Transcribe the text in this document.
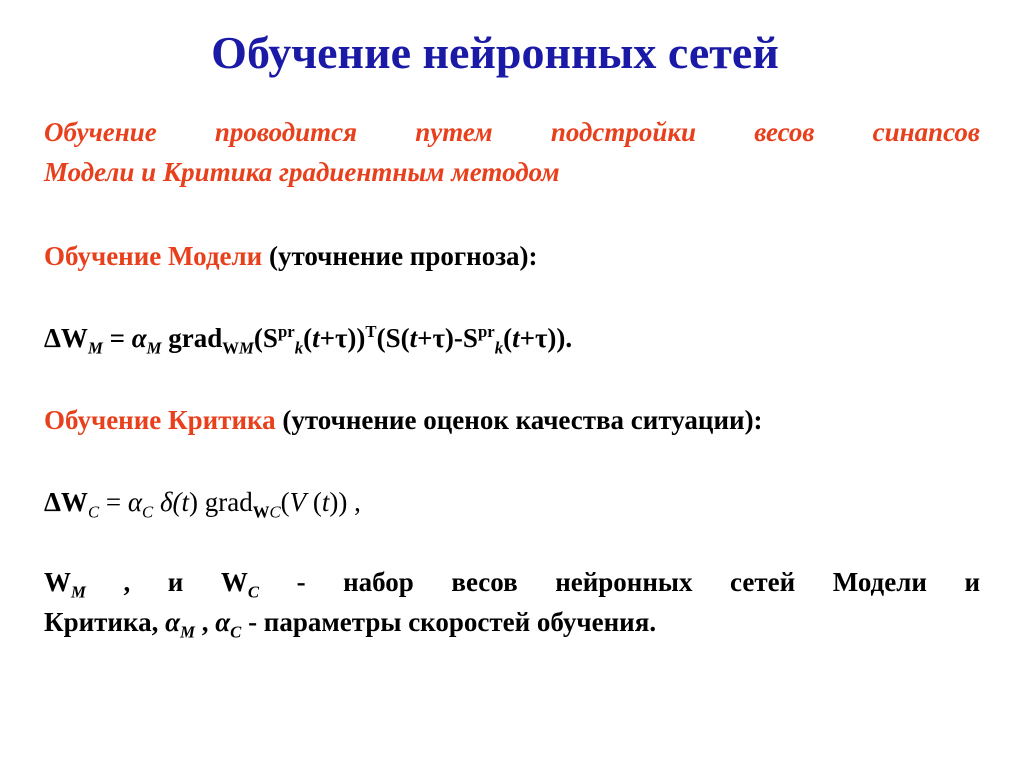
Обучение нейронных сетей
Обучение проводится путем подстройки весов синапсов
Модели и Критика градиентным методом
Обучение Модели (уточнение прогноза):
$\Delta W_M = \alpha_M$ $grad_{WM}(S^{pr}_k(t+\tau))^T(S(t+\tau)-S^{pr}_k(t+\tau))$.
Обучение Критика (уточнение оценок качества ситуации):
$\Delta W_C = \alpha_C$ δ(t) grad$_{WC}$(V (t)) ,
$W_M$ , и $W_C$ - набор весов нейронных сетей Модели и
Критика, $\alpha_M$ , $\alpha_C$ - параметры скоростей обучения.
